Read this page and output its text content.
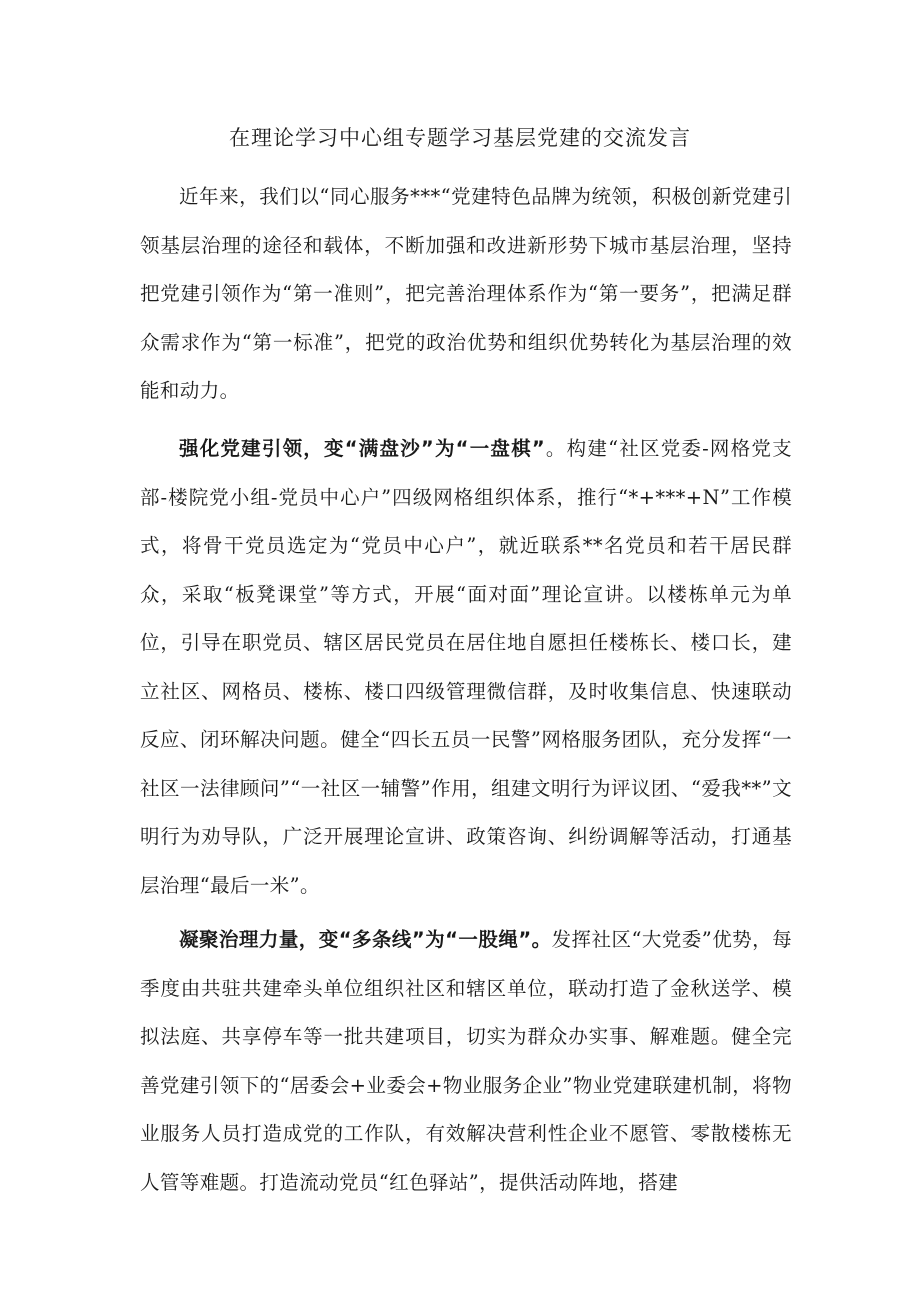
在理论学习中心组专题学习基层党建的交流发言

近年来，我们以“同心服务***“党建特色品牌为统领，积极创新党建引领基层治理的途径和载体，不断加强和改进新形势下城市基层治理，坚持把党建引领作为“第一准则”，把完善治理体系作为“第一要务”，把满足群众需求作为“第一标准”，把党的政治优势和组织优势转化为基层治理的效能和动力。

强化党建引领，变“满盘沙”为“一盘棋”。构建“社区党委-网格党支部-楼院党小组-党员中心户”四级网格组织体系，推行“*+***+N”工作模式，将骨干党员选定为“党员中心户”，就近联系**名党员和若干居民群众，采取“板凳课堂”等方式，开展“面对面”理论宣讲。以楼栋单元为单位，引导在职党员、辖区居民党员在居住地自愿担任楼栋长、楼口长，建立社区、网格员、楼栋、楼口四级管理微信群，及时收集信息、快速联动反应、闭环解决问题。健全“四长五员一民警”网格服务团队，充分发挥“一社区一法律顾问”“一社区一辅警”作用，组建文明行为评议团、“爱我**”文明行为劝导队，广泛开展理论宣讲、政策咨询、纠纷调解等活动，打通基层治理“最后一米”。

凝聚治理力量，变“多条线”为“一股绳”。发挥社区“大党委”优势，每季度由共驻共建牵头单位组织社区和辖区单位，联动打造了金秋送学、模拟法庭、共享停车等一批共建项目，切实为群众办实事、解难题。健全完善党建引领下的“居委会+业委会+物业服务企业”物业党建联建机制，将物业服务人员打造成党的工作队，有效解决营利性企业不愿管、零散楼栋无人管等难题。打造流动党员“红色驿站”，提供活动阵地，搭建
